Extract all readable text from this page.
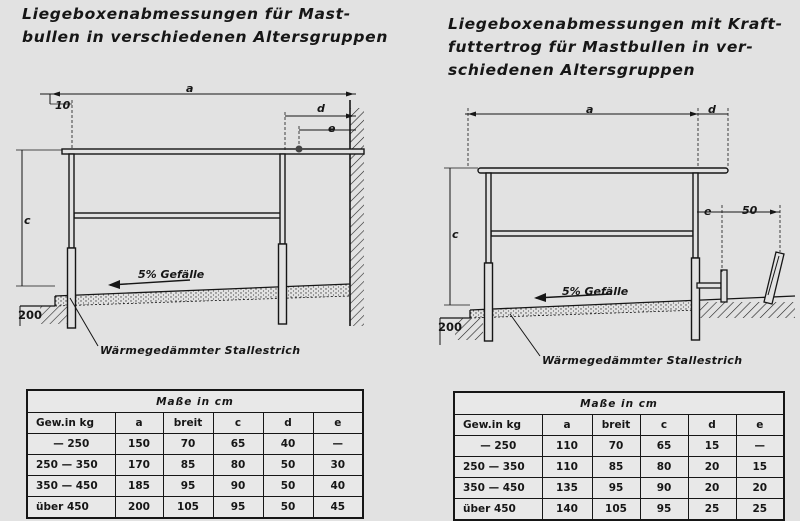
Liegeboxenabmessungen für Mast-
bullen in verschiedenen Altersgruppen

Liegeboxenabmessungen mit Kraft-
futtertrog für Mastbullen in ver-
schiedenen Altersgruppen

a
10	d
e
c
200
5% Gefälle
Wärmegedämmter Stallestrich
a	d
e	50
c
200
5% Gefälle
Wärmegedämmter Stallestrich
Maße in cm					
Gew.in kg	a	breit	c	d	e
— 250	150	70	65	40	—
250 — 350	170	85	80	50	30
350 — 450	185	95	90	50	40
über 450	200	105	95	50	45
Maße in cm					
Gew.in kg	a	breit	c	d	e
— 250	110	70	65	15	—
250 — 350	110	85	80	20	15
350 — 450	135	95	90	20	20
über 450	140	105	95	25	25
